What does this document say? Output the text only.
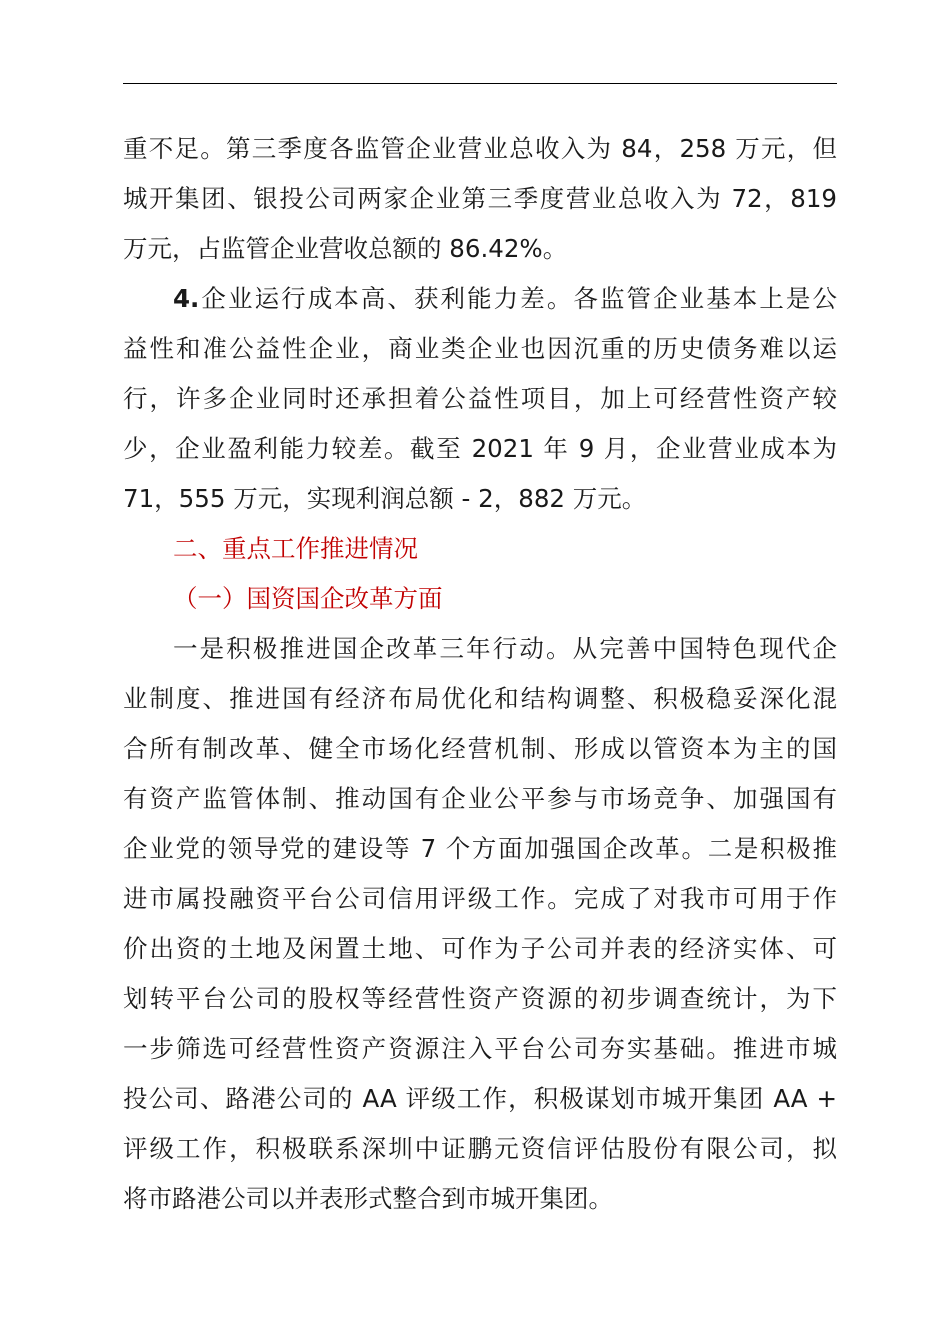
重不足。第三季度各监管企业营业总收入为 84，258 万元，但
城开集团、银投公司两家企业第三季度营业总收入为 72，819
万元，占监管企业营收总额的 86.42%。
4.企业运行成本高、获利能力差。各监管企业基本上是公
益性和准公益性企业，商业类企业也因沉重的历史债务难以运
行，许多企业同时还承担着公益性项目，加上可经营性资产较
少，企业盈利能力较差。截至 2021 年 9 月，企业营业成本为
71，555 万元，实现利润总额 - 2，882 万元。
二、重点工作推进情况
（一）国资国企改革方面
一是积极推进国企改革三年行动。从完善中国特色现代企
业制度、推进国有经济布局优化和结构调整、积极稳妥深化混
合所有制改革、健全市场化经营机制、形成以管资本为主的国
有资产监管体制、推动国有企业公平参与市场竞争、加强国有
企业党的领导党的建设等 7 个方面加强国企改革。二是积极推
进市属投融资平台公司信用评级工作。完成了对我市可用于作
价出资的土地及闲置土地、可作为子公司并表的经济实体、可
划转平台公司的股权等经营性资产资源的初步调查统计，为下
一步筛选可经营性资产资源注入平台公司夯实基础。推进市城
投公司、路港公司的 AA 评级工作，积极谋划市城开集团 AA +
评级工作，积极联系深圳中证鹏元资信评估股份有限公司，拟
将市路港公司以并表形式整合到市城开集团。
